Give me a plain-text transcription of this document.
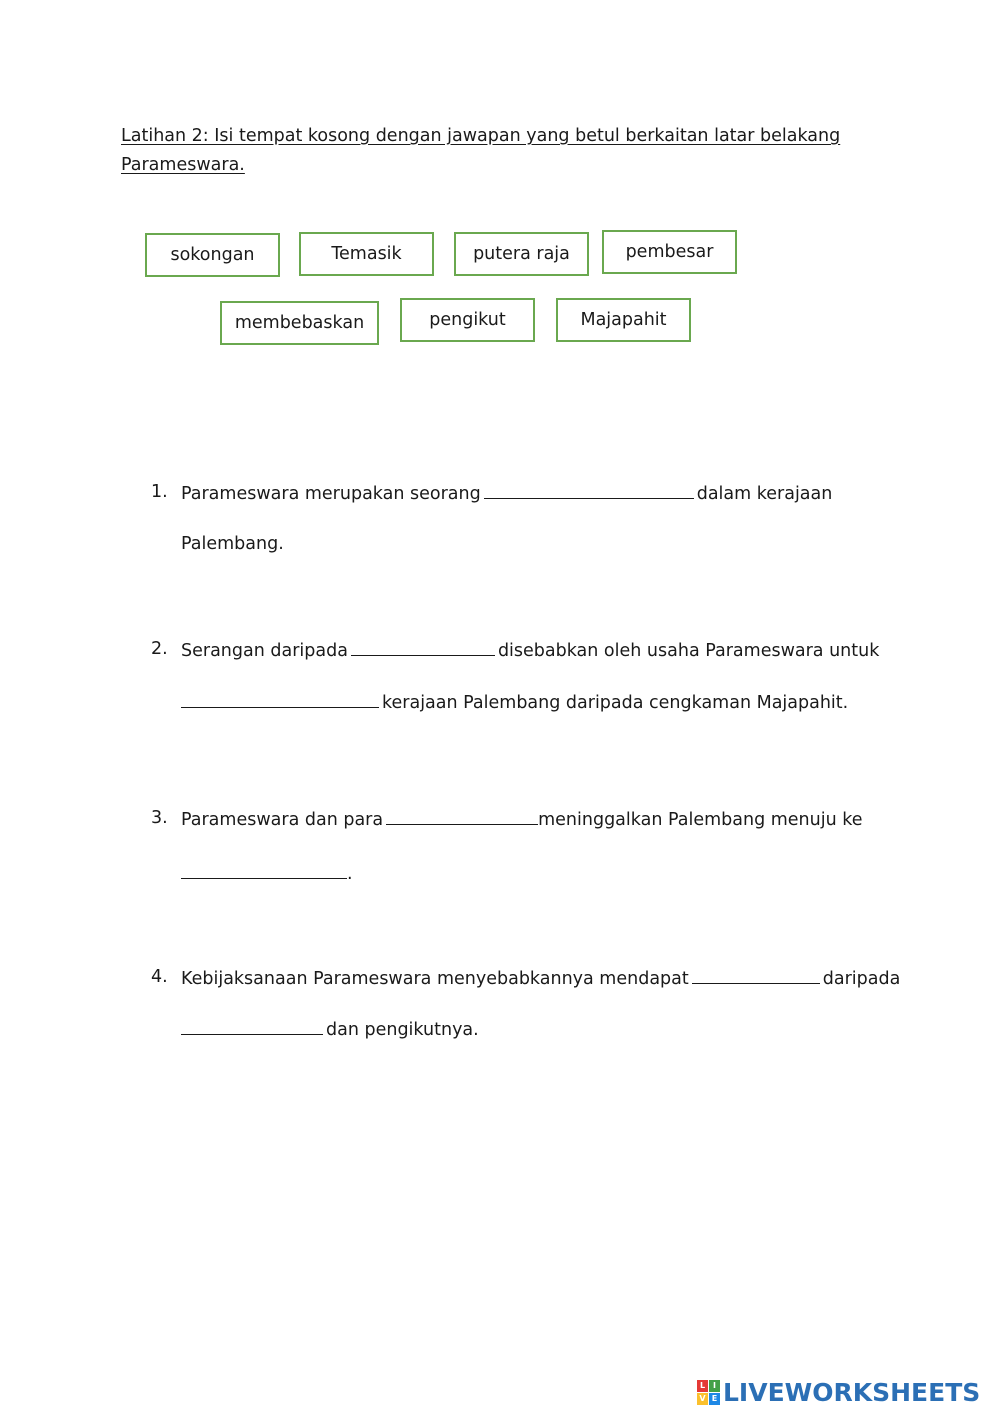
Latihan 2: Isi tempat kosong dengan jawapan yang betul berkaitan latar belakang Parameswara.
sokongan	Temasik	putera raja	pembesar
membebaskan	pengikut	Majapahit
1. Parameswara merupakan seorang	dalam kerajaan
Palembang.
2. Serangan daripada	disebabkan oleh usaha Parameswara untuk
kerajaan Palembang daripada cengkaman Majapahit.
3. Parameswara dan para	meninggalkan Palembang menuju ke
.
4. Kebijaksanaan Parameswara menyebabkannya mendapat	daripada
dan pengikutnya.
L I
V E LIVEWORKSHEETS
